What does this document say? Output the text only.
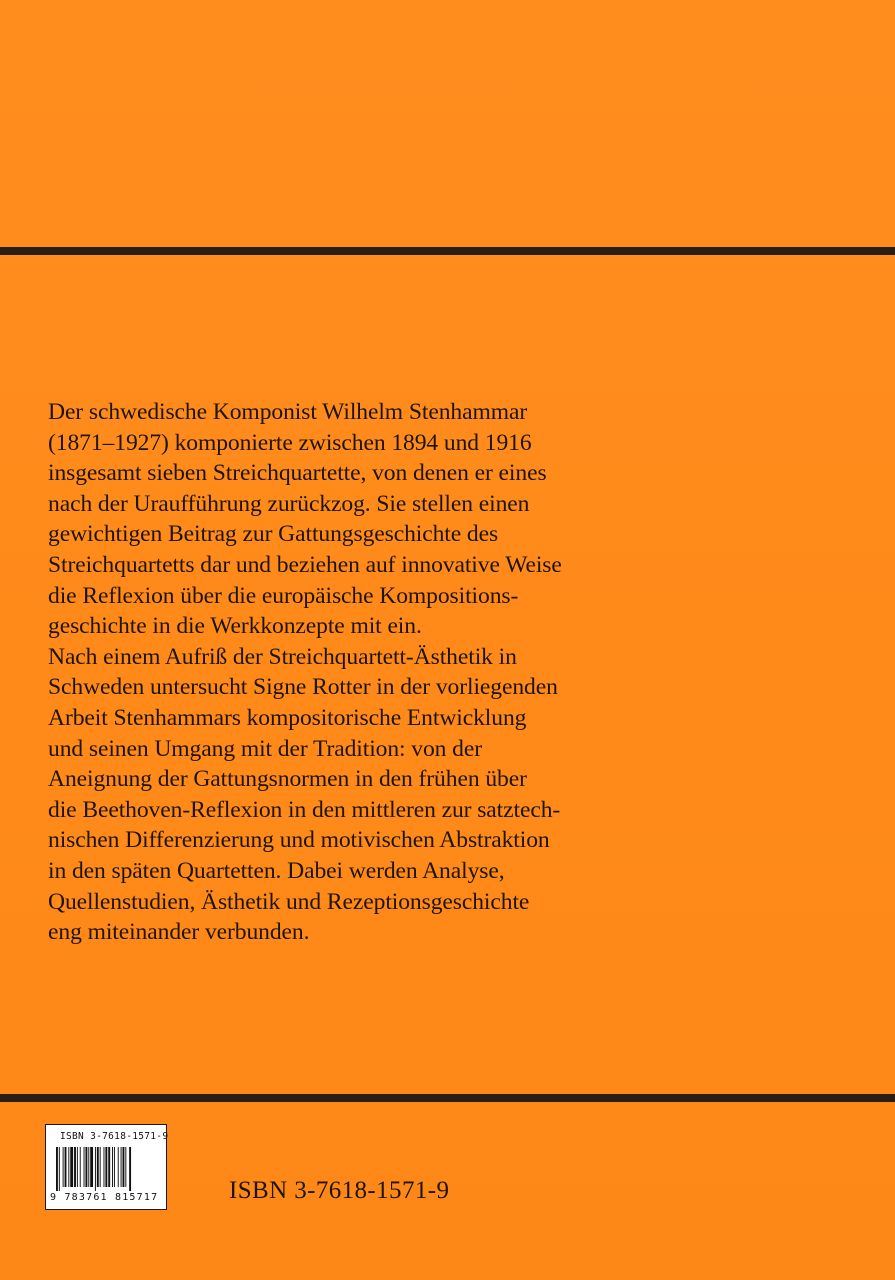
Der schwedische Komponist Wilhelm Stenhammar
(1871–1927) komponierte zwischen 1894 und 1916
insgesamt sieben Streichquartette, von denen er eines
nach der Uraufführung zurückzog. Sie stellen einen
gewichtigen Beitrag zur Gattungsgeschichte des
Streichquartetts dar und beziehen auf innovative Weise
die Reflexion über die europäische Kompositions-
geschichte in die Werkkonzepte mit ein.
Nach einem Aufriß der Streichquartett-Ästhetik in
Schweden untersucht Signe Rotter in der vorliegenden
Arbeit Stenhammars kompositorische Entwicklung
und seinen Umgang mit der Tradition: von der
Aneignung der Gattungsnormen in den frühen über
die Beethoven-Reflexion in den mittleren zur satztech-
nischen Differenzierung und motivischen Abstraktion
in den späten Quartetten. Dabei werden Analyse,
Quellenstudien, Ästhetik und Rezeptionsgeschichte
eng miteinander verbunden.

ISBN 3-7618-1571-9
9 783761 815717	ISBN 3-7618-1571-9
